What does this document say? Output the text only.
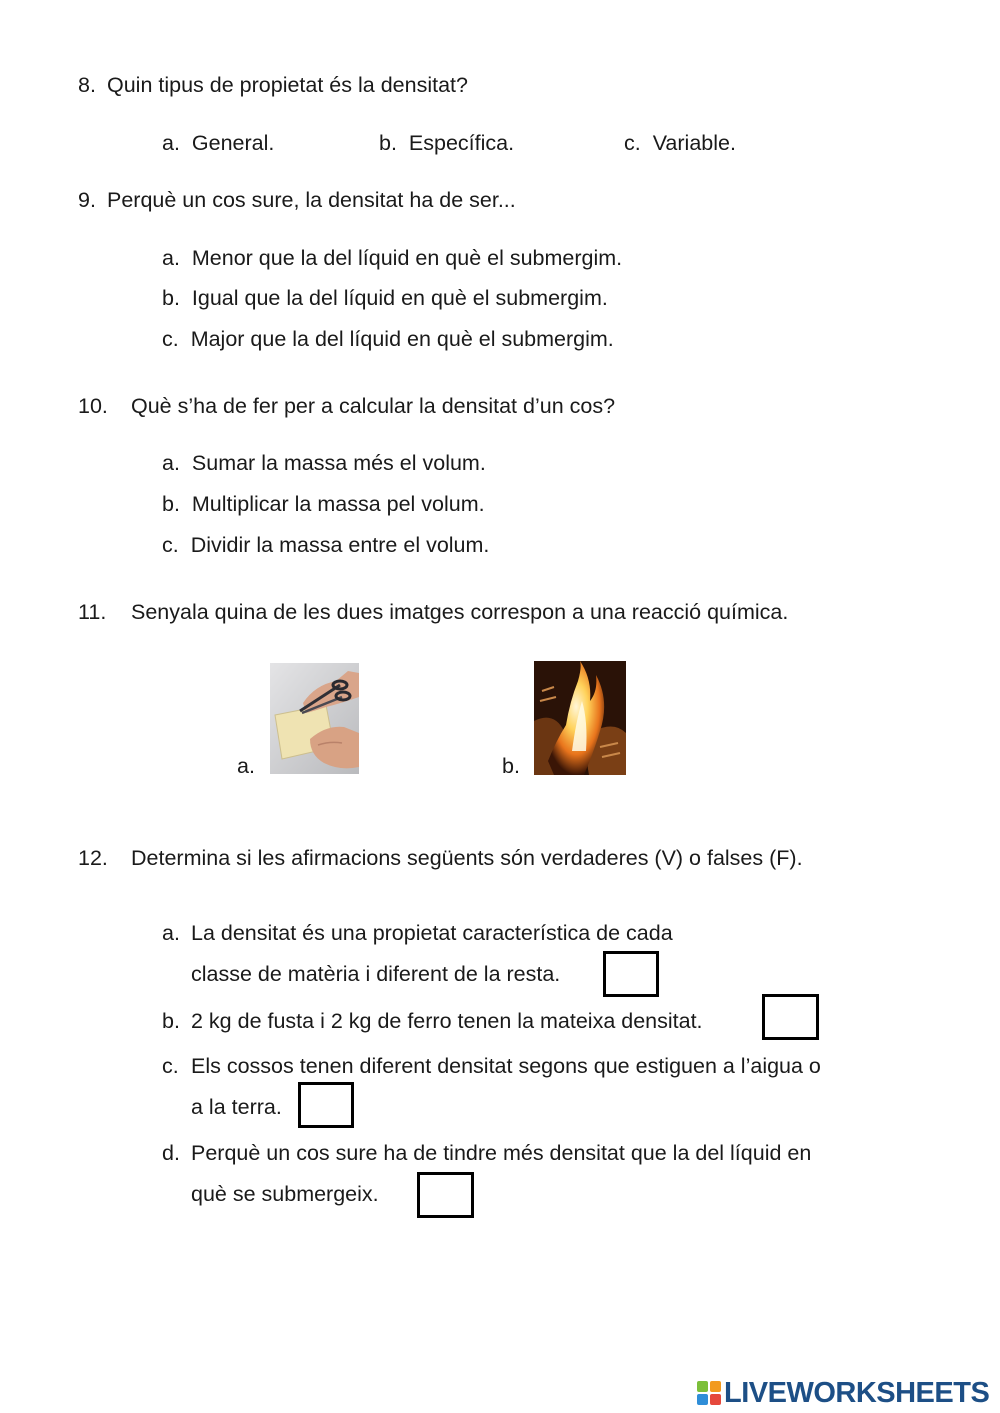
8. Quin tipus de propietat és la densitat?
a. General.	b. Específica.	c. Variable.
9. Perquè un cos sure, la densitat ha de ser...
a. Menor que la del líquid en què el submergim.
b. Igual que la del líquid en què el submergim.
c. Major que la del líquid en què el submergim.
10. Què s’ha de fer per a calcular la densitat d’un cos?
a. Sumar la massa més el volum.
b. Multiplicar la massa pel volum.
c. Dividir la massa entre el volum.
11. Senyala quina de les dues imatges correspon a una reacció química.
a.	b.
12. Determina si les afirmacions següents són verdaderes (V) o falses (F).
a. La densitat és una propietat característica de cada
classe de matèria i diferent de la resta.
b. 2 kg de fusta i 2 kg de ferro tenen la mateixa densitat.
c. Els cossos tenen diferent densitat segons que estiguen a l’aigua o
a la terra.
d. Perquè un cos sure ha de tindre més densitat que la del líquid en
què se submergeix.
LIVEWORKSHEETS
